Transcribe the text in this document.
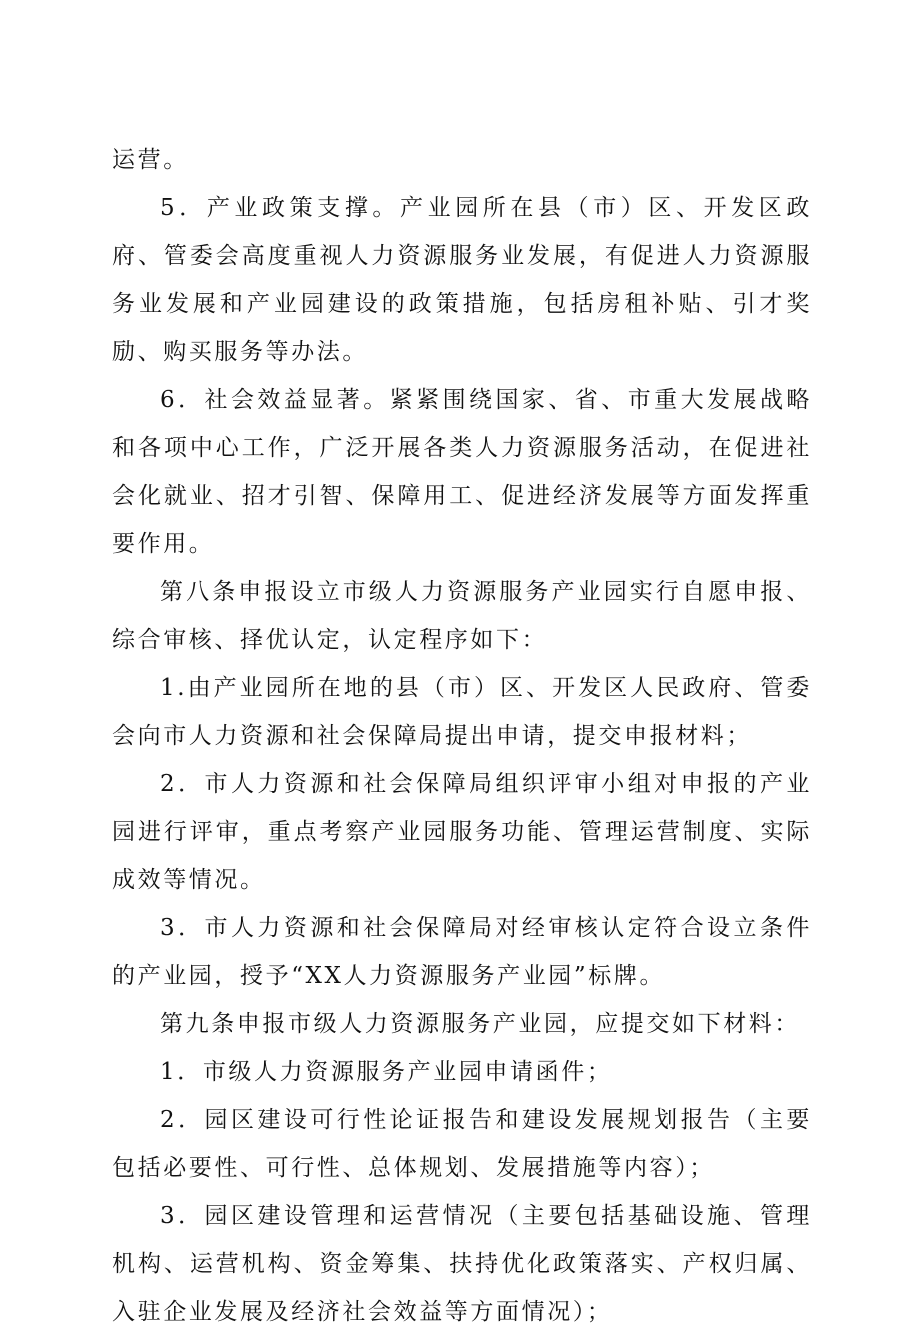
运营。

5．产业政策支撑。产业园所在县（市）区、开发区政府、管委会高度重视人力资源服务业发展，有促进人力资源服务业发展和产业园建设的政策措施，包括房租补贴、引才奖励、购买服务等办法。

6．社会效益显著。紧紧围绕国家、省、市重大发展战略和各项中心工作，广泛开展各类人力资源服务活动，在促进社会化就业、招才引智、保障用工、促进经济发展等方面发挥重要作用。

第八条申报设立市级人力资源服务产业园实行自愿申报、综合审核、择优认定，认定程序如下：

1.由产业园所在地的县（市）区、开发区人民政府、管委会向市人力资源和社会保障局提出申请，提交申报材料；

2．市人力资源和社会保障局组织评审小组对申报的产业园进行评审，重点考察产业园服务功能、管理运营制度、实际成效等情况。

3．市人力资源和社会保障局对经审核认定符合设立条件的产业园，授予“XX人力资源服务产业园”标牌。

第九条申报市级人力资源服务产业园，应提交如下材料：

1．市级人力资源服务产业园申请函件；

2．园区建设可行性论证报告和建设发展规划报告（主要包括必要性、可行性、总体规划、发展措施等内容）；

3．园区建设管理和运营情况（主要包括基础设施、管理机构、运营机构、资金筹集、扶持优化政策落实、产权归属、入驻企业发展及经济社会效益等方面情况）；
